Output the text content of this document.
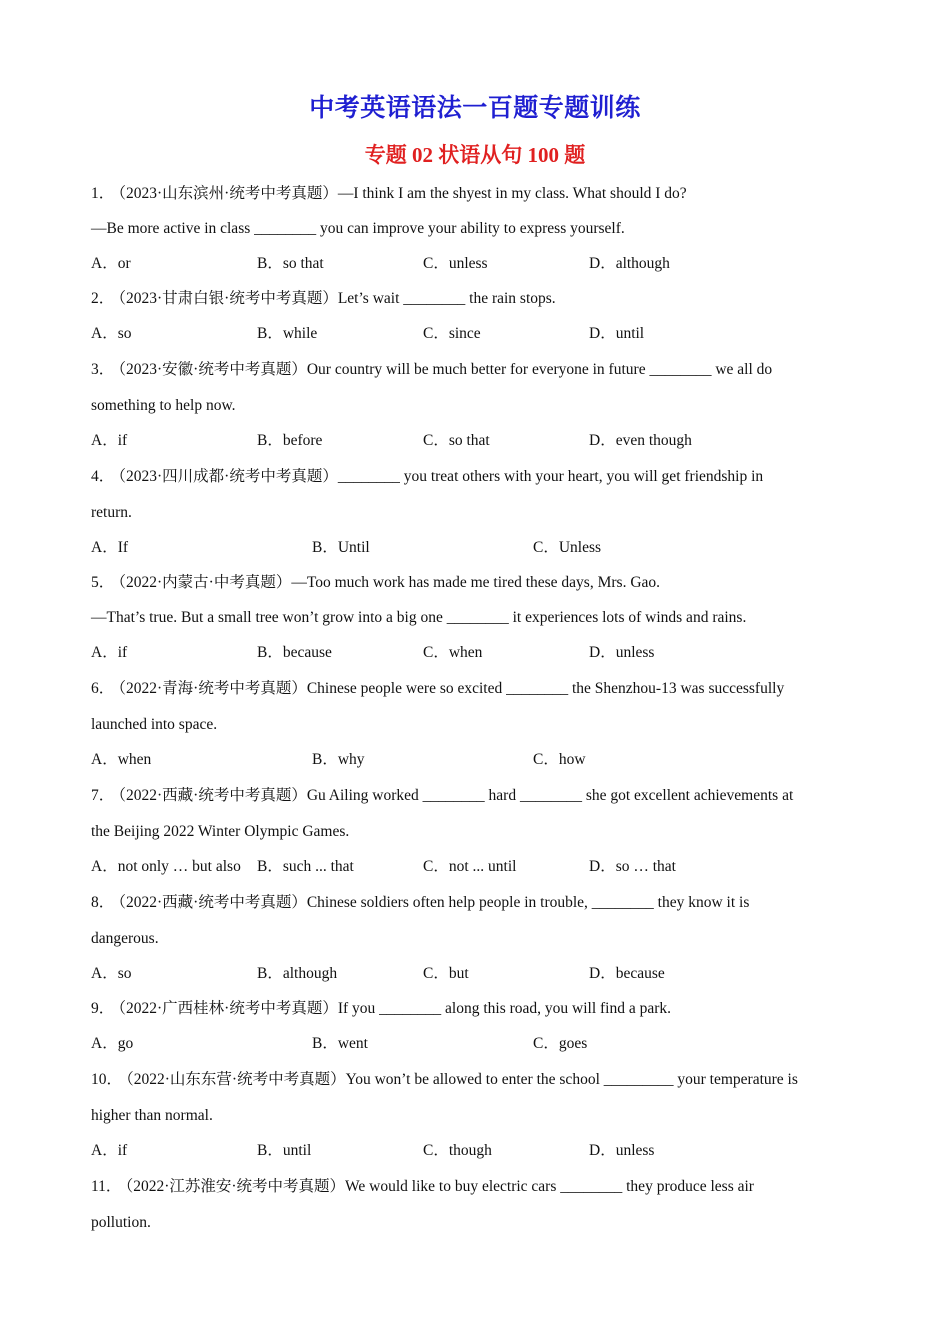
中考英语语法一百题专题训练
专题 02 状语从句 100 题
1． （2023·山东滨州·统考中考真题）—I think I am the shyest in my class. What should I do?
—Be more active in class ________ you can improve your ability to express yourself.
A．or	B．so that	C．unless	D．although
2． （2023·甘肃白银·统考中考真题）Let’s wait ________ the rain stops.
A．so	B．while	C．since	D．until
3． （2023·安徽·统考中考真题）Our country will be much better for everyone in future ________ we all do
something to help now.
A．if	B．before	C．so that	D．even though
4． （2023·四川成都·统考中考真题）________ you treat others with your heart, you will get friendship in
return.
A．If	B．Until	C．Unless
5． （2022·内蒙古·中考真题）—Too much work has made me tired these days, Mrs. Gao.
—That’s true. But a small tree won’t grow into a big one ________ it experiences lots of winds and rains.
A．if	B．because	C．when	D．unless
6． （2022·青海·统考中考真题）Chinese people were so excited ________ the Shenzhou-13 was successfully
launched into space.
A．when	B．why	C．how
7． （2022·西藏·统考中考真题）Gu Ailing worked ________ hard ________ she got excellent achievements at
the Beijing 2022 Winter Olympic Games.
A．not only … but also	B．such ... that	C．not ... until	D．so … that
8． （2022·西藏·统考中考真题）Chinese soldiers often help people in trouble, ________ they know it is
dangerous.
A．so	B．although	C．but	D．because
9． （2022·广西桂林·统考中考真题）If you ________ along this road, you will find a park.
A．go	B．went	C．goes
10． （2022·山东东营·统考中考真题）You won’t be allowed to enter the school _________ your temperature is
higher than normal.
A．if	B．until	C．though	D．unless
11． （2022·江苏淮安·统考中考真题）We would like to buy electric cars ________ they produce less air
pollution.
